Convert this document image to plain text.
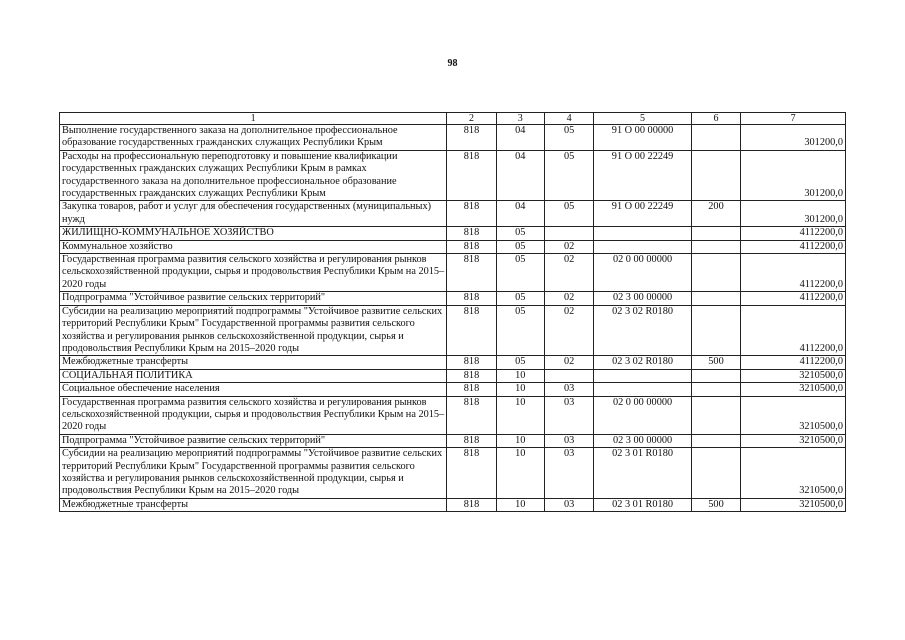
98
1	2	3	4	5	6	7
Выполнение государственного заказа на дополнительное профессиональное образование государственных гражданских служащих Республики Крым	818	04	05	91 О 00 00000		301200,0
Расходы на профессиональную переподготовку и повышение квалификации государственных гражданских служащих Республики Крым в рамках государственного заказа на дополнительное профессиональное образование государственных гражданских служащих Республики Крым	818	04	05	91 О 00 22249		301200,0
Закупка товаров, работ и услуг для обеспечения государственных (муниципальных) нужд	818	04	05	91 О 00 22249	200	301200,0
ЖИЛИЩНО-КОММУНАЛЬНОЕ ХОЗЯЙСТВО	818	05				4112200,0
Коммунальное хозяйство	818	05	02			4112200,0
Государственная программа развития сельского хозяйства и регулирования рынков сельскохозяйственной продукции, сырья и продовольствия Республики Крым на 2015–2020 годы	818	05	02	02 0 00 00000		4112200,0
Подпрограмма "Устойчивое развитие сельских территорий"	818	05	02	02 3 00 00000		4112200,0
Субсидии на реализацию мероприятий подпрограммы "Устойчивое развитие сельских территорий Республики Крым" Государственной программы развития сельского хозяйства и регулирования рынков сельскохозяйственной продукции, сырья и продовольствия Республики Крым на 2015–2020 годы	818	05	02	02 3 02 R0180		4112200,0
Межбюджетные трансферты	818	05	02	02 3 02 R0180	500	4112200,0
СОЦИАЛЬНАЯ ПОЛИТИКА	818	10				3210500,0
Социальное обеспечение населения	818	10	03			3210500,0
Государственная программа развития сельского хозяйства и регулирования рынков сельскохозяйственной продукции, сырья и продовольствия Республики Крым на 2015–2020 годы	818	10	03	02 0 00 00000		3210500,0
Подпрограмма "Устойчивое развитие сельских территорий"	818	10	03	02 3 00 00000		3210500,0
Субсидии на реализацию мероприятий подпрограммы "Устойчивое развитие сельских территорий Республики Крым" Государственной программы развития сельского хозяйства и регулирования рынков сельскохозяйственной продукции, сырья и продовольствия Республики Крым на 2015–2020 годы	818	10	03	02 3 01 R0180		3210500,0
Межбюджетные трансферты	818	10	03	02 3 01 R0180	500	3210500,0
